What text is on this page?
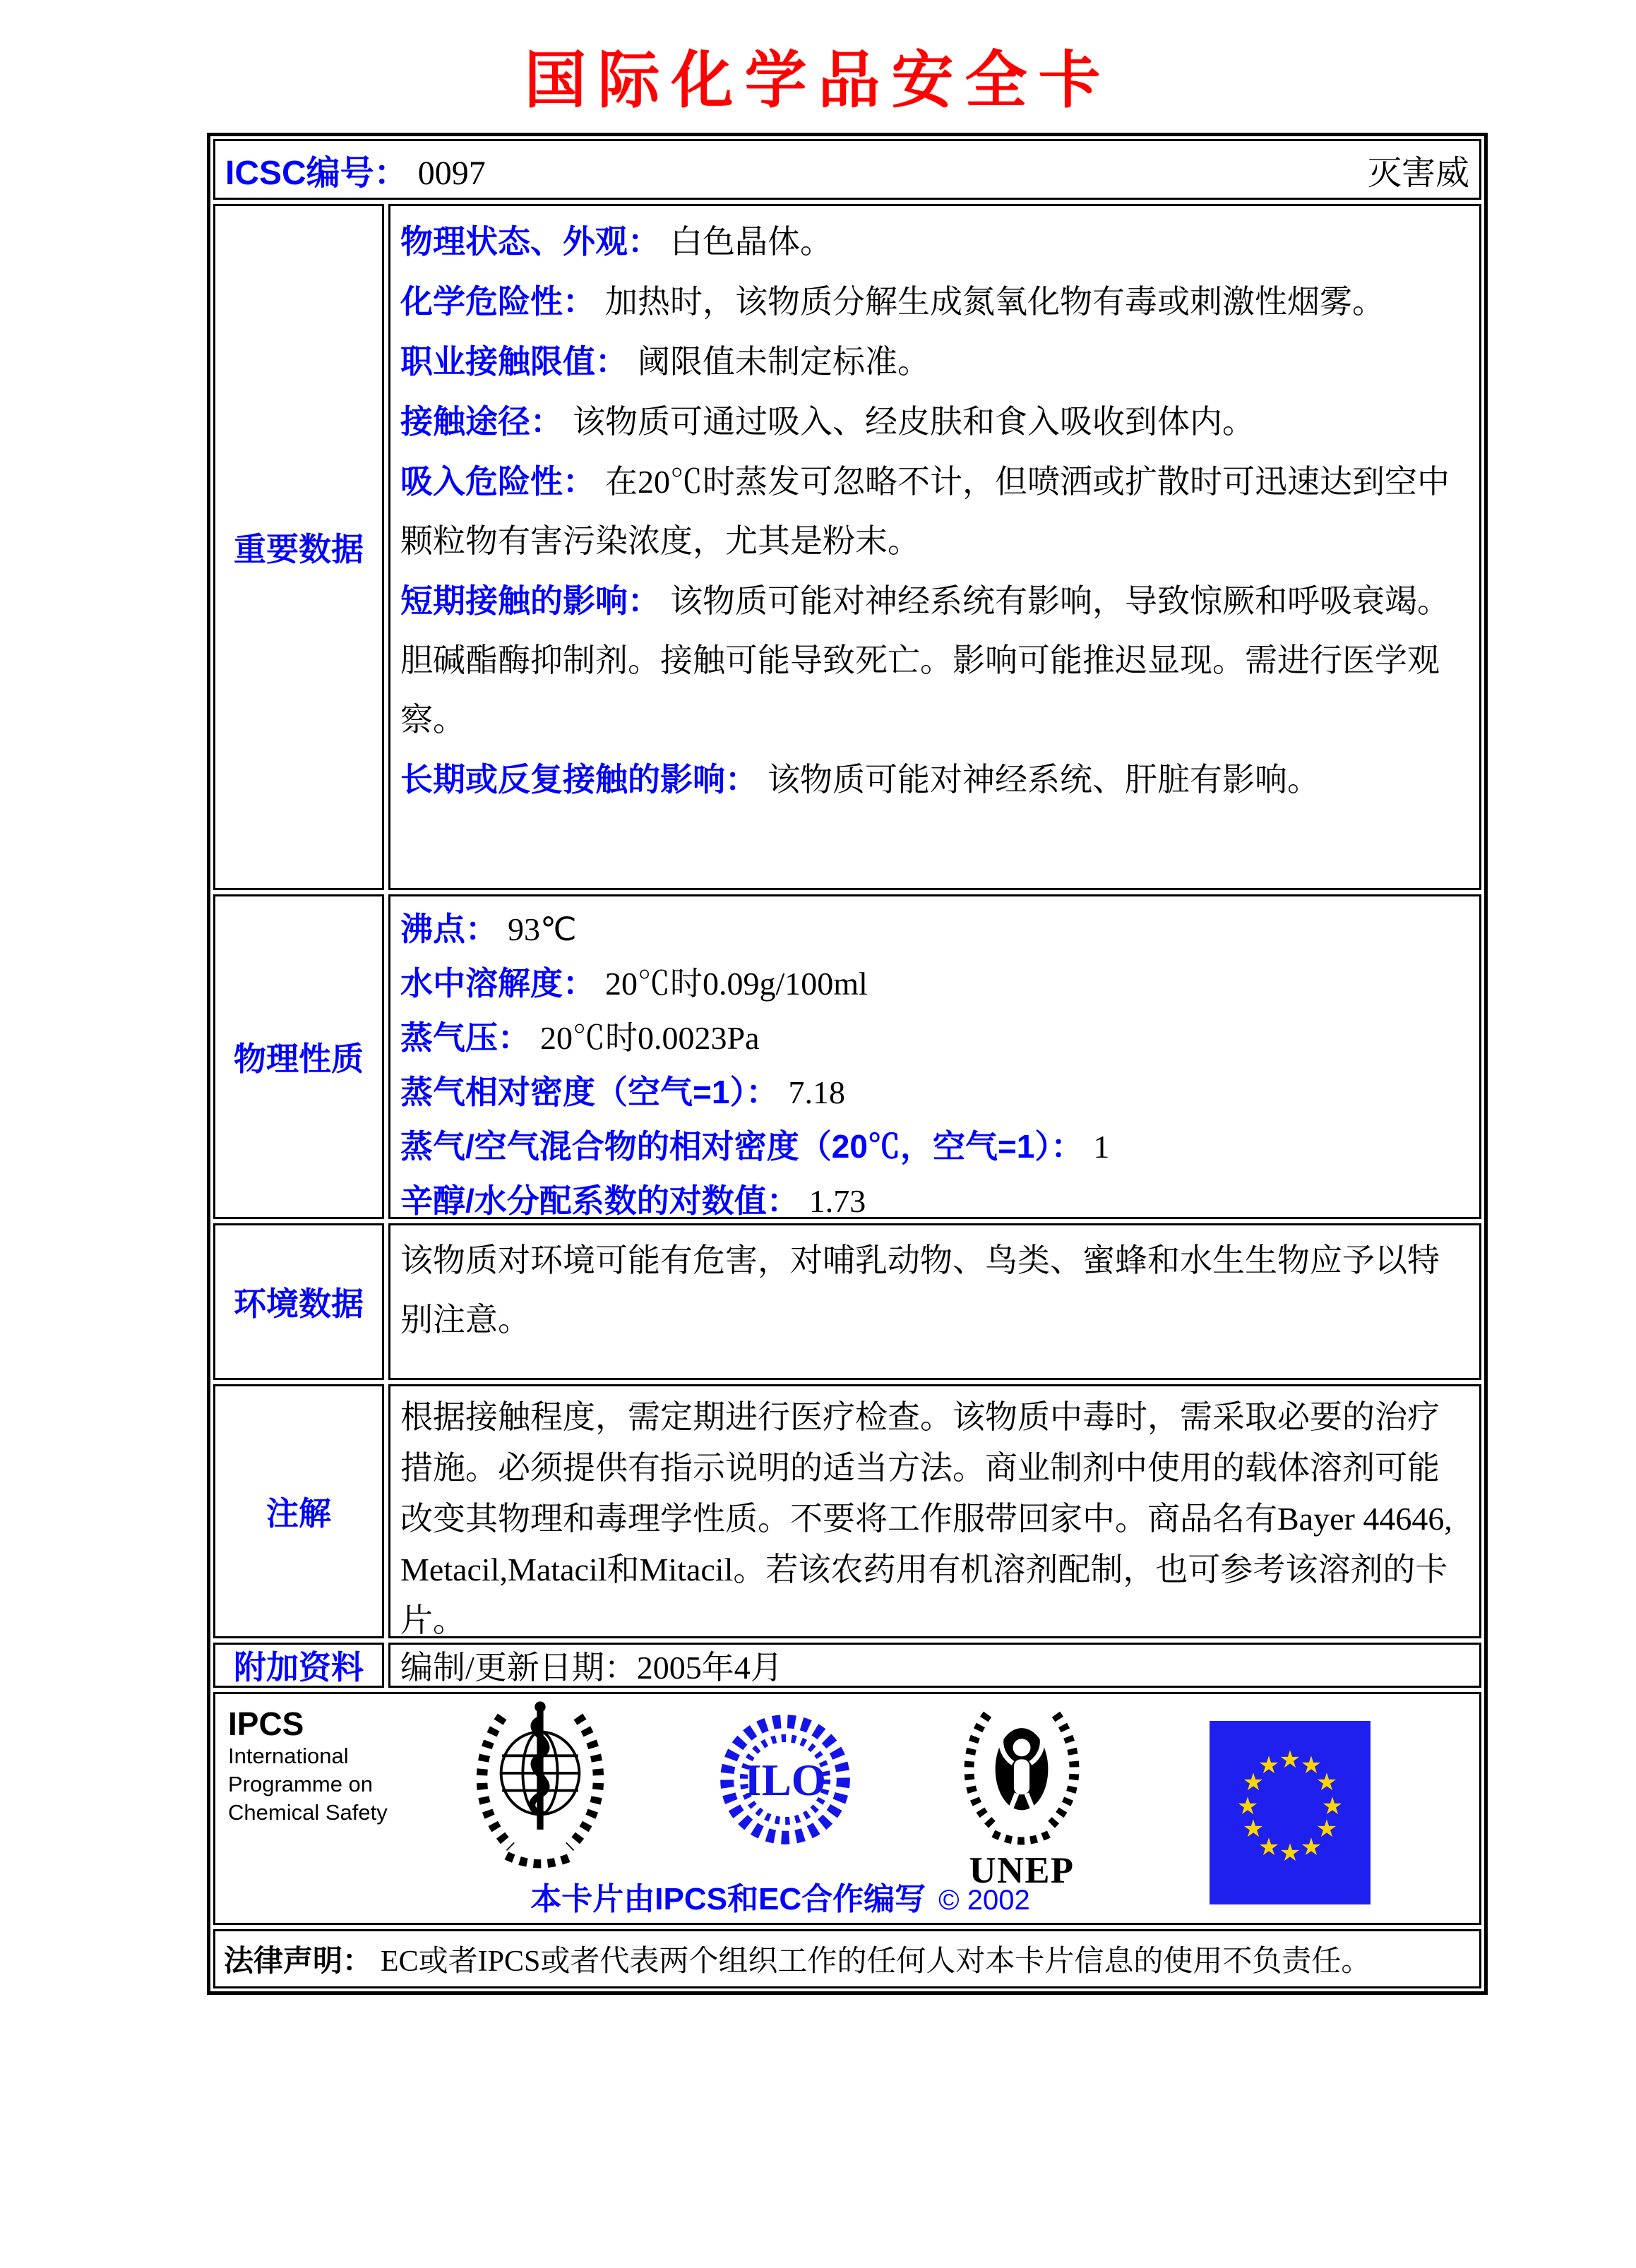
国际化学品安全卡
ICSC编号： 0097	灭害威
重要数据
物理状态、外观： 白色晶体。
化学危险性： 加热时，该物质分解生成氮氧化物有毒或刺激性烟雾。
职业接触限值： 阈限值未制定标准。
接触途径： 该物质可通过吸入、经皮肤和食入吸收到体内。
吸入危险性： 在20℃时蒸发可忽略不计，但喷洒或扩散时可迅速达到空中颗粒物有害污染浓度，尤其是粉末。
短期接触的影响： 该物质可能对神经系统有影响，导致惊厥和呼吸衰竭。胆碱酯酶抑制剂。接触可能导致死亡。影响可能推迟显现。需进行医学观察。
长期或反复接触的影响： 该物质可能对神经系统、肝脏有影响。
物理性质
沸点： 93℃
水中溶解度： 20℃时0.09g/100ml
蒸气压： 20℃时0.0023Pa
蒸气相对密度（空气=1）： 7.18
蒸气/空气混合物的相对密度（20℃，空气=1）： 1
辛醇/水分配系数的对数值： 1.73
环境数据
该物质对环境可能有危害，对哺乳动物、鸟类、蜜蜂和水生生物应予以特别注意。
注解
根据接触程度，需定期进行医疗检查。该物质中毒时，需采取必要的治疗措施。必须提供有指示说明的适当方法。商业制剂中使用的载体溶剂可能改变其物理和毒理学性质。不要将工作服带回家中。商品名有Bayer 44646, Metacil,Matacil和Mitacil。若该农药用有机溶剂配制，也可参考该溶剂的卡片。
附加资料 编制/更新日期：2005年4月
IPCS
International
Programme on
Chemical Safety
ILO
UNEP
★
★
★
★
★
★
★
★
★ ★ ★
★
本卡片由IPCS和EC合作编写 © 2002
法律声明： EC或者IPCS或者代表两个组织工作的任何人对本卡片信息的使用不负责任。
